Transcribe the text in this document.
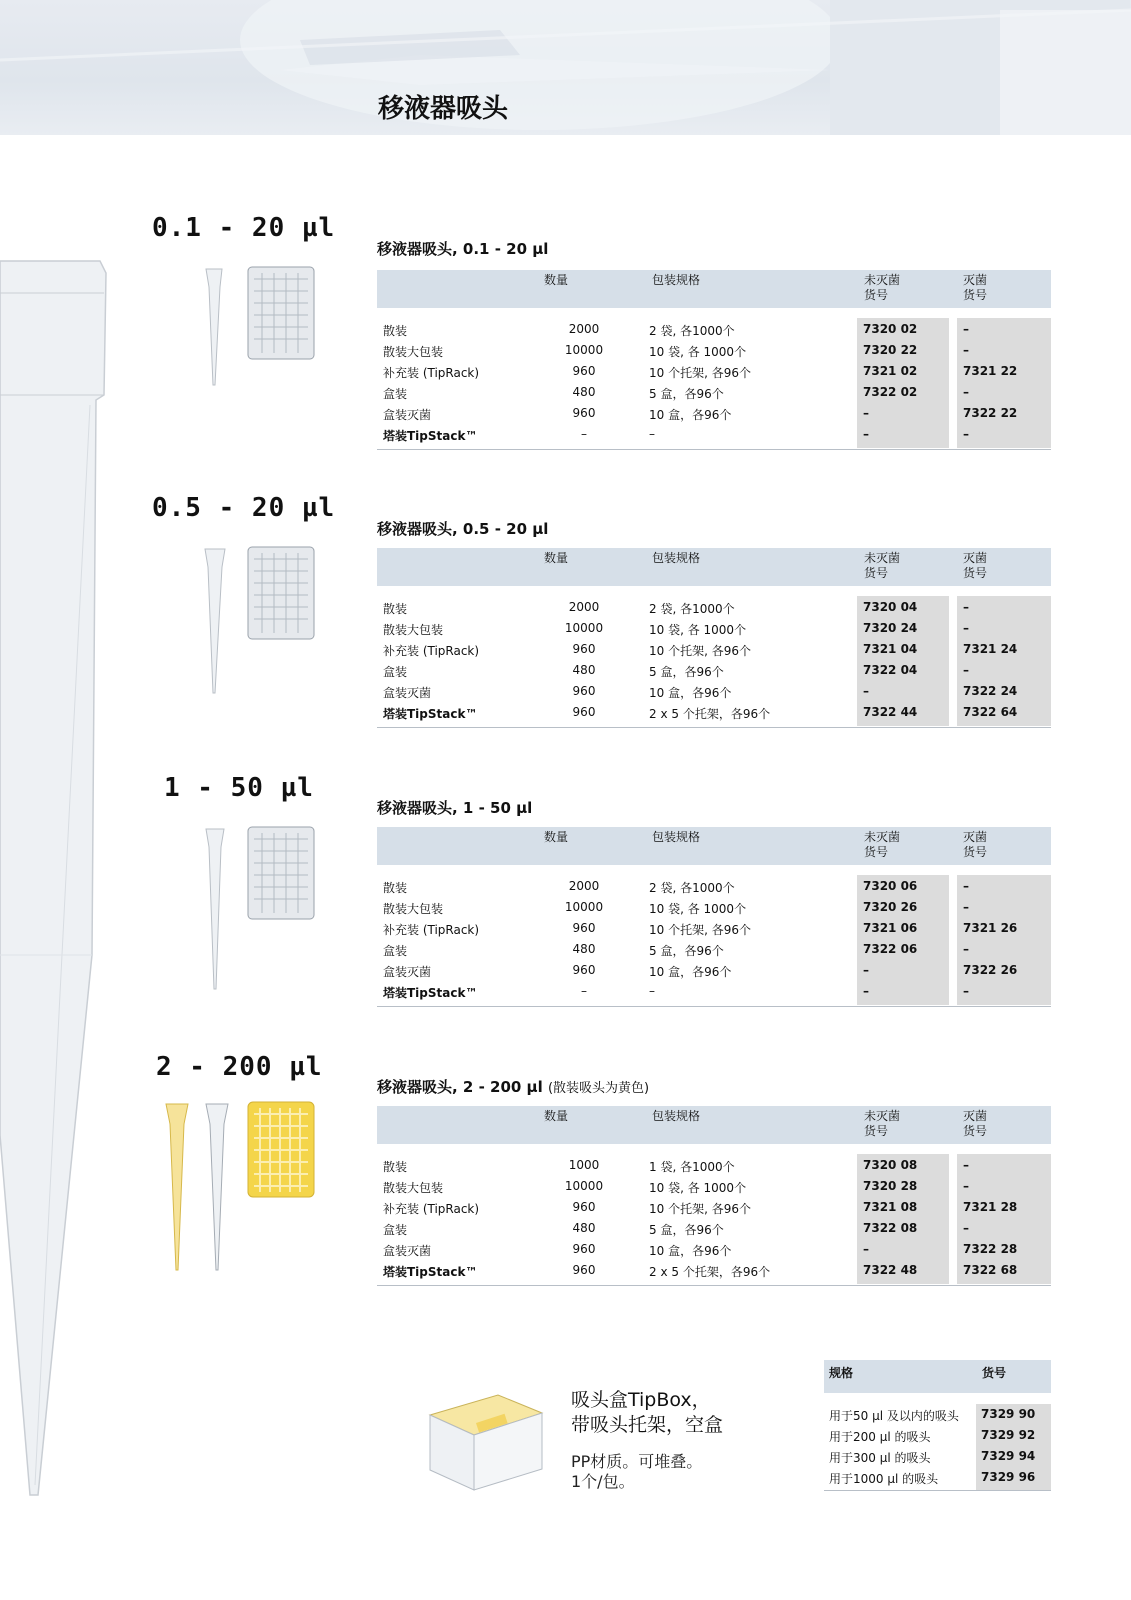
移液器吸头
0.1 - 20 µl
移液器吸头, 0.1 - 20 µl
数量	包装规格	未灭菌
货号
灭菌
货号
散装	2000	2 袋, 各1000个	7320 02	–
散装大包装	10000	10 袋, 各 1000个	7320 22	–
补充装 (TipRack)	960	10 个托架, 各96个	7321 02	7321 22
盒装	480	5 盒，各96个	7322 02	–
盒装灭菌	960	10 盒，各96个	–	7322 22
塔装TipStack™	–	–	–	–
0.5 - 20 µl
移液器吸头, 0.5 - 20 µl
数量	包装规格	未灭菌
货号
灭菌
货号
散装	2000	2 袋, 各1000个	7320 04	–
散装大包装	10000	10 袋, 各 1000个	7320 24	–
补充装 (TipRack)	960	10 个托架, 各96个	7321 04	7321 24
盒装	480	5 盒，各96个	7322 04	–
盒装灭菌	960	10 盒，各96个	–	7322 24
塔装TipStack™	960	2 x 5 个托架，各96个	7322 44	7322 64
1 - 50 µl
移液器吸头, 1 - 50 µl
数量	包装规格	未灭菌
货号
灭菌
货号
散装	2000	2 袋, 各1000个	7320 06	–
散装大包装	10000	10 袋, 各 1000个	7320 26	–
补充装 (TipRack)	960	10 个托架, 各96个	7321 06	7321 26
盒装	480	5 盒，各96个	7322 06	–
盒装灭菌	960	10 盒，各96个	–	7322 26
塔装TipStack™	–	–	–	–
2 - 200 µl
移液器吸头, 2 - 200 µl (散装吸头为黄色)
数量	包装规格	未灭菌
货号
灭菌
货号
散装	1000	1 袋, 各1000个	7320 08	–
散装大包装	10000	10 袋, 各 1000个	7320 28	–
补充装 (TipRack)	960	10 个托架, 各96个	7321 08	7321 28
盒装	480	5 盒，各96个	7322 08	–
盒装灭菌	960	10 盒，各96个	–	7322 28
塔装TipStack™	960	2 x 5 个托架，各96个	7322 48	7322 68
吸头盒TipBox，
带吸头托架，空盒
PP材质。可堆叠。
1个/包。
规格	货号
用于50 µl 及以内的吸头 7329 90
用于200 µl 的吸头	7329 92
用于300 µl 的吸头	7329 94
用于1000 µl 的吸头	7329 96
